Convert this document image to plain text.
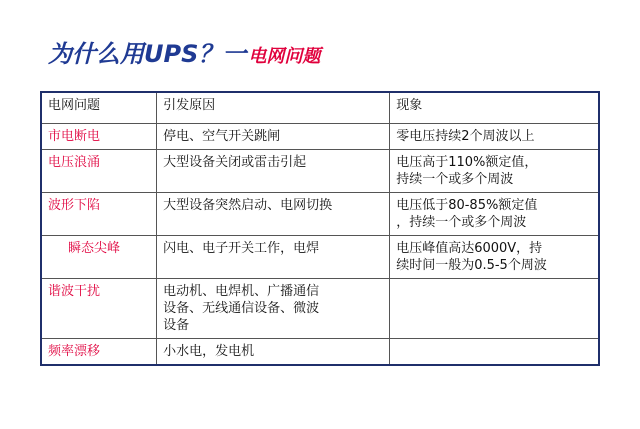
为什么用UPS？一 电网问题
电网问题	引发原因	现象
市电断电	停电、空气开关跳闸	零电压持续2个周波以上
电压浪涌	大型设备关闭或雷击引起	电压高于110%额定值，
持续一个或多个周波
波形下陷	大型设备突然启动、电网切换	电压低于80-85%额定值
，持续一个或多个周波
瞬态尖峰	闪电、电子开关工作，电焊	电压峰值高达6000V，持
续时间一般为0.5-5个周波
谐波干扰	电动机、电焊机、广播通信
设备、无线通信设备、微波
设备	
频率漂移	小水电，发电机	
